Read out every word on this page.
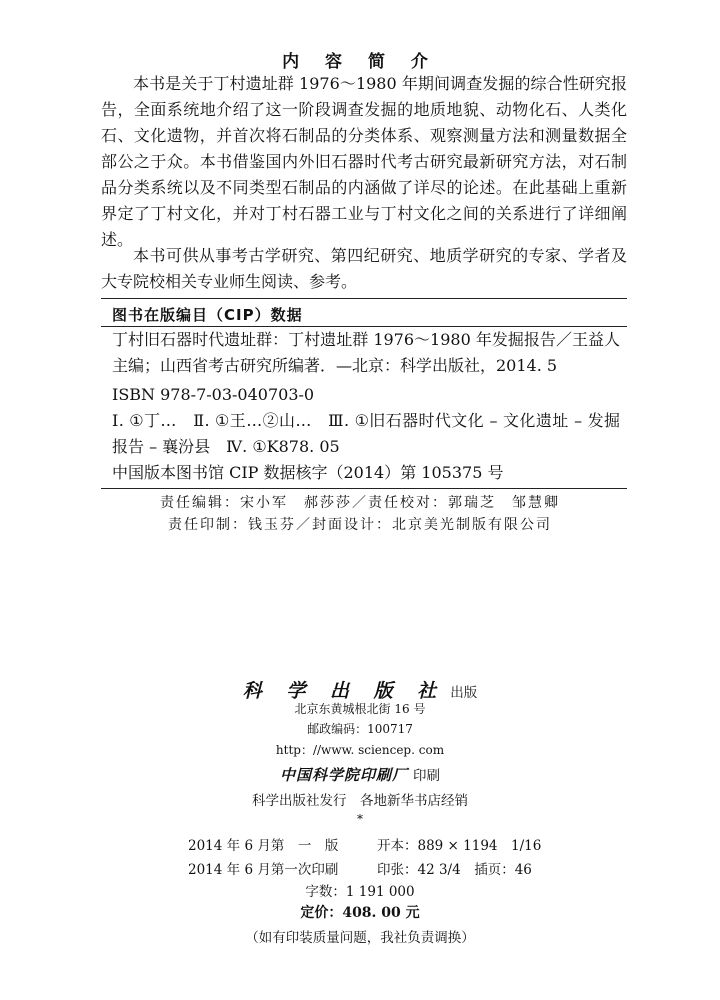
内 容 简 介

本书是关于丁村遗址群 1976～1980 年期间调查发掘的综合性研究报告，全面系统地介绍了这一阶段调查发掘的地质地貌、动物化石、人类化石、文化遗物，并首次将石制品的分类体系、观察测量方法和测量数据全部公之于众。本书借鉴国内外旧石器时代考古研究最新研究方法，对石制品分类系统以及不同类型石制品的内涵做了详尽的论述。在此基础上重新界定了丁村文化，并对丁村石器工业与丁村文化之间的关系进行了详细阐述。

本书可供从事考古学研究、第四纪研究、地质学研究的专家、学者及大专院校相关专业师生阅读、参考。

图书在版编目（CIP）数据

丁村旧石器时代遗址群：丁村遗址群 1976～1980 年发掘报告／王益人主编；山西省考古研究所编著．—北京：科学出版社，2014. 5

ISBN 978-7-03-040703-0

Ⅰ. ①丁…　Ⅱ. ①王…②山…　Ⅲ. ①旧石器时代文化 – 文化遗址 – 发掘报告 – 襄汾县　Ⅳ. ①K878. 05

中国版本图书馆 CIP 数据核字（2014）第 105375 号

责任编辑：宋小军　郝莎莎／责任校对：郭瑞芝　邹慧卿
责任印制：钱玉芬／封面设计：北京美光制版有限公司
科 学 出 版 社 出版
北京东黄城根北街 16 号
邮政编码：100717
http：//www. sciencep. com
中国科学院印刷厂 印刷
科学出版社发行　各地新华书店经销
*
2014 年 6 月第　一　版	开本：889 × 1194　1/16
2014 年 6 月第一次印刷	印张：42 3/4　插页：46
字数：1 191 000
定价：408. 00 元
（如有印装质量问题，我社负责调换）
